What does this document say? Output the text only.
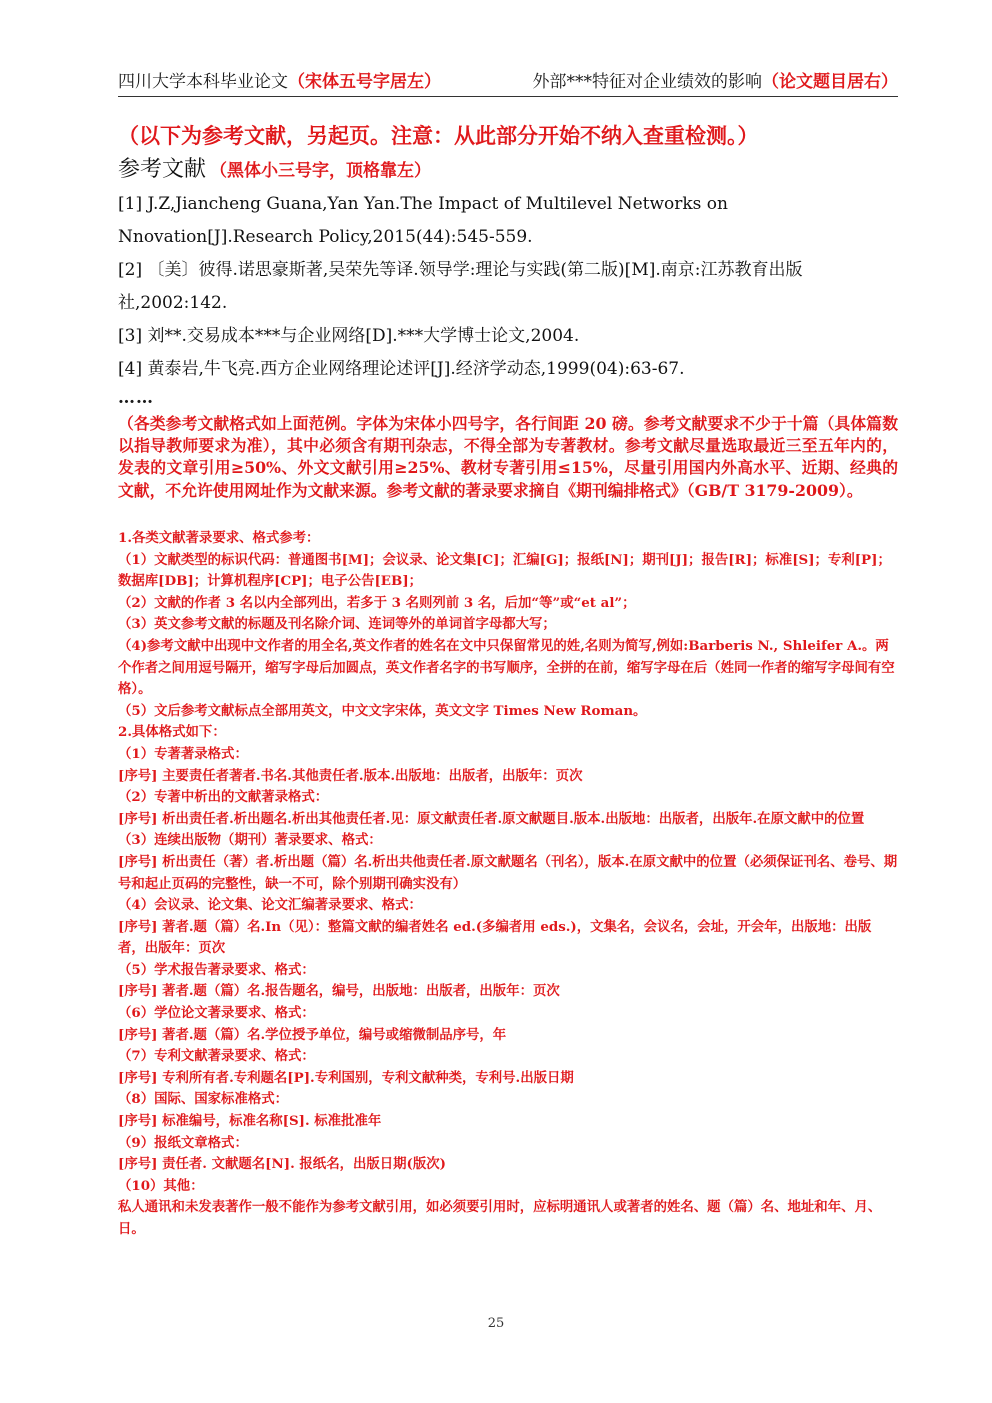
四川大学本科毕业论文（宋体五号字居左）	外部***特征对企业绩效的影响（论文题目居右）
（以下为参考文献，另起页。注意：从此部分开始不纳入查重检测。）
参考文献 （黑体小三号字，顶格靠左）

[1] J.Z,Jiancheng Guana,Yan Yan.The Impact of Multilevel Networks on Nnovation[J].Research Policy,2015(44):545-559.

[2] 〔美〕彼得.诺思豪斯著,吴荣先等译.领导学:理论与实践(第二版)[M].南京:江苏教育出版社,2002:142.

[3] 刘**.交易成本***与企业网络[D].***大学博士论文,2004.

[4] 黄泰岩,牛飞亮.西方企业网络理论述评[J].经济学动态,1999(04):63-67.

……
（各类参考文献格式如上面范例。字体为宋体小四号字，各行间距 20 磅。参考文献要求不少于十篇（具体篇数以指导教师要求为准），其中必须含有期刊杂志，不得全部为专著教材。参考文献尽量选取最近三至五年内的，发表的文章引用≥50%、外文文献引用≥25%、教材专著引用≤15%，尽量引用国内外高水平、近期、经典的文献，不允许使用网址作为文献来源。参考文献的著录要求摘自《期刊编排格式》（GB/T 3179-2009）。

1.各类文献著录要求、格式参考：

（1）文献类型的标识代码：普通图书[M]；会议录、论文集[C]；汇编[G]；报纸[N]；期刊[J]；报告[R]；标准[S]；专利[P]；数据库[DB]；计算机程序[CP]；电子公告[EB]；

（2）文献的作者 3 名以内全部列出，若多于 3 名则列前 3 名，后加“等”或“et al”；

（3）英文参考文献的标题及刊名除介词、连词等外的单词首字母都大写；

（4)参考文献中出现中文作者的用全名,英文作者的姓名在文中只保留常见的姓,名则为简写,例如:Barberis N., Shleifer A.。两个作者之间用逗号隔开，缩写字母后加圆点，英文作者名字的书写顺序，全拼的在前，缩写字母在后（姓同一作者的缩写字母间有空格）。

（5）文后参考文献标点全部用英文，中文文字宋体，英文文字 Times New Roman。

2.具体格式如下：

（1）专著著录格式：

[序号] 主要责任者著者.书名.其他责任者.版本.出版地：出版者，出版年：页次

（2）专著中析出的文献著录格式：

[序号] 析出责任者.析出题名.析出其他责任者.见：原文献责任者.原文献题目.版本.出版地：出版者，出版年.在原文献中的位置

（3）连续出版物（期刊）著录要求、格式：

[序号] 析出责任（著）者.析出题（篇）名.析出共他责任者.原文献题名（刊名），版本.在原文献中的位置（必须保证刊名、卷号、期号和起止页码的完整性，缺一不可，除个别期刊确实没有）

（4）会议录、论文集、论文汇编著录要求、格式：

[序号] 著者.题（篇）名.In（见）：整篇文献的编者姓名 ed.(多编者用 eds.)，文集名，会议名，会址，开会年，出版地：出版者，出版年：页次

（5）学术报告著录要求、格式：

[序号] 著者.题（篇）名.报告题名，编号，出版地：出版者，出版年：页次

（6）学位论文著录要求、格式：

[序号] 著者.题（篇）名.学位授予单位，编号或缩微制品序号，年

（7）专利文献著录要求、格式：

[序号] 专利所有者.专利题名[P].专利国别，专利文献种类，专利号.出版日期

（8）国际、国家标准格式：

[序号] 标准编号，标准名称[S]. 标准批准年

（9）报纸文章格式：

[序号] 责任者. 文献题名[N]. 报纸名，出版日期(版次)

（10）其他：

私人通讯和未发表著作一般不能作为参考文献引用，如必须要引用时，应标明通讯人或著者的姓名、题（篇）名、地址和年、月、日。

25
